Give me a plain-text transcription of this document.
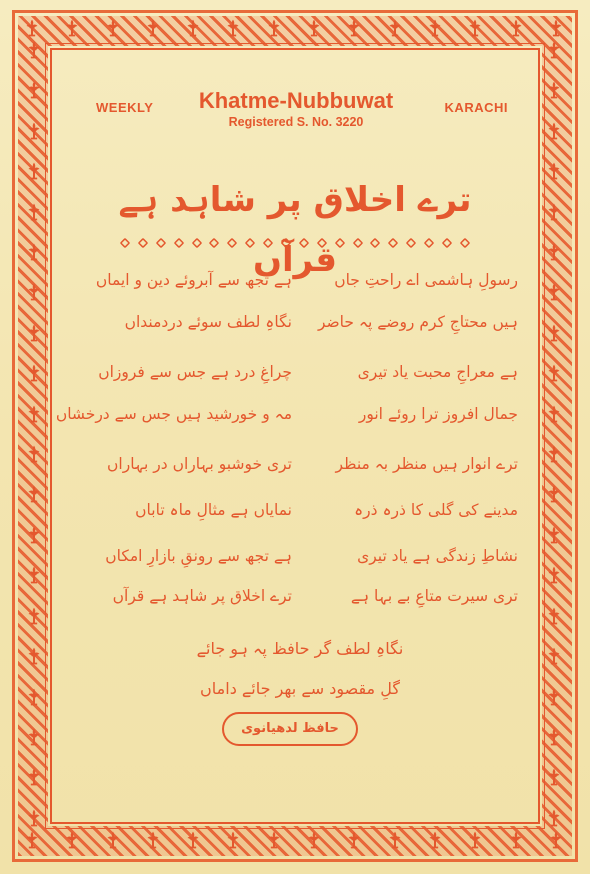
WEEKLY	Khatme-Nubbuwat	KARACHI
Registered S. No. 3220
ترے اخلاق پر شاہد ہے قرآں
رسولِ ہاشمی اے راحتِ جاں
ہے تجھ سے آبروئے دین و ایماں
ہیں محتاجِ کرم روضے پہ حاضر
نگاہِ لطف سوئے دردمنداں
ہے معراجِ محبت یاد تیری
چراغِ درد ہے جس سے فروزاں
جمال افروز ترا روئے انور
مہ و خورشید ہیں جس سے درخشاں
ترے انوار ہیں منظر بہ منظر
تری خوشبو بہاراں در بہاراں
مدینے کی گلی کا ذرہ ذرہ
نمایاں ہے مثالِ ماہ تاباں
نشاطِ زندگی ہے یاد تیری
ہے تجھ سے رونقِ بازارِ امکاں
تری سیرت متاعِ بے بہا ہے
ترے اخلاق پر شاہد ہے قرآں
نگاہِ لطف گر حافظ پہ ہو جائے
گلِ مقصود سے بھر جائے داماں
حافظ لدھیانوی
